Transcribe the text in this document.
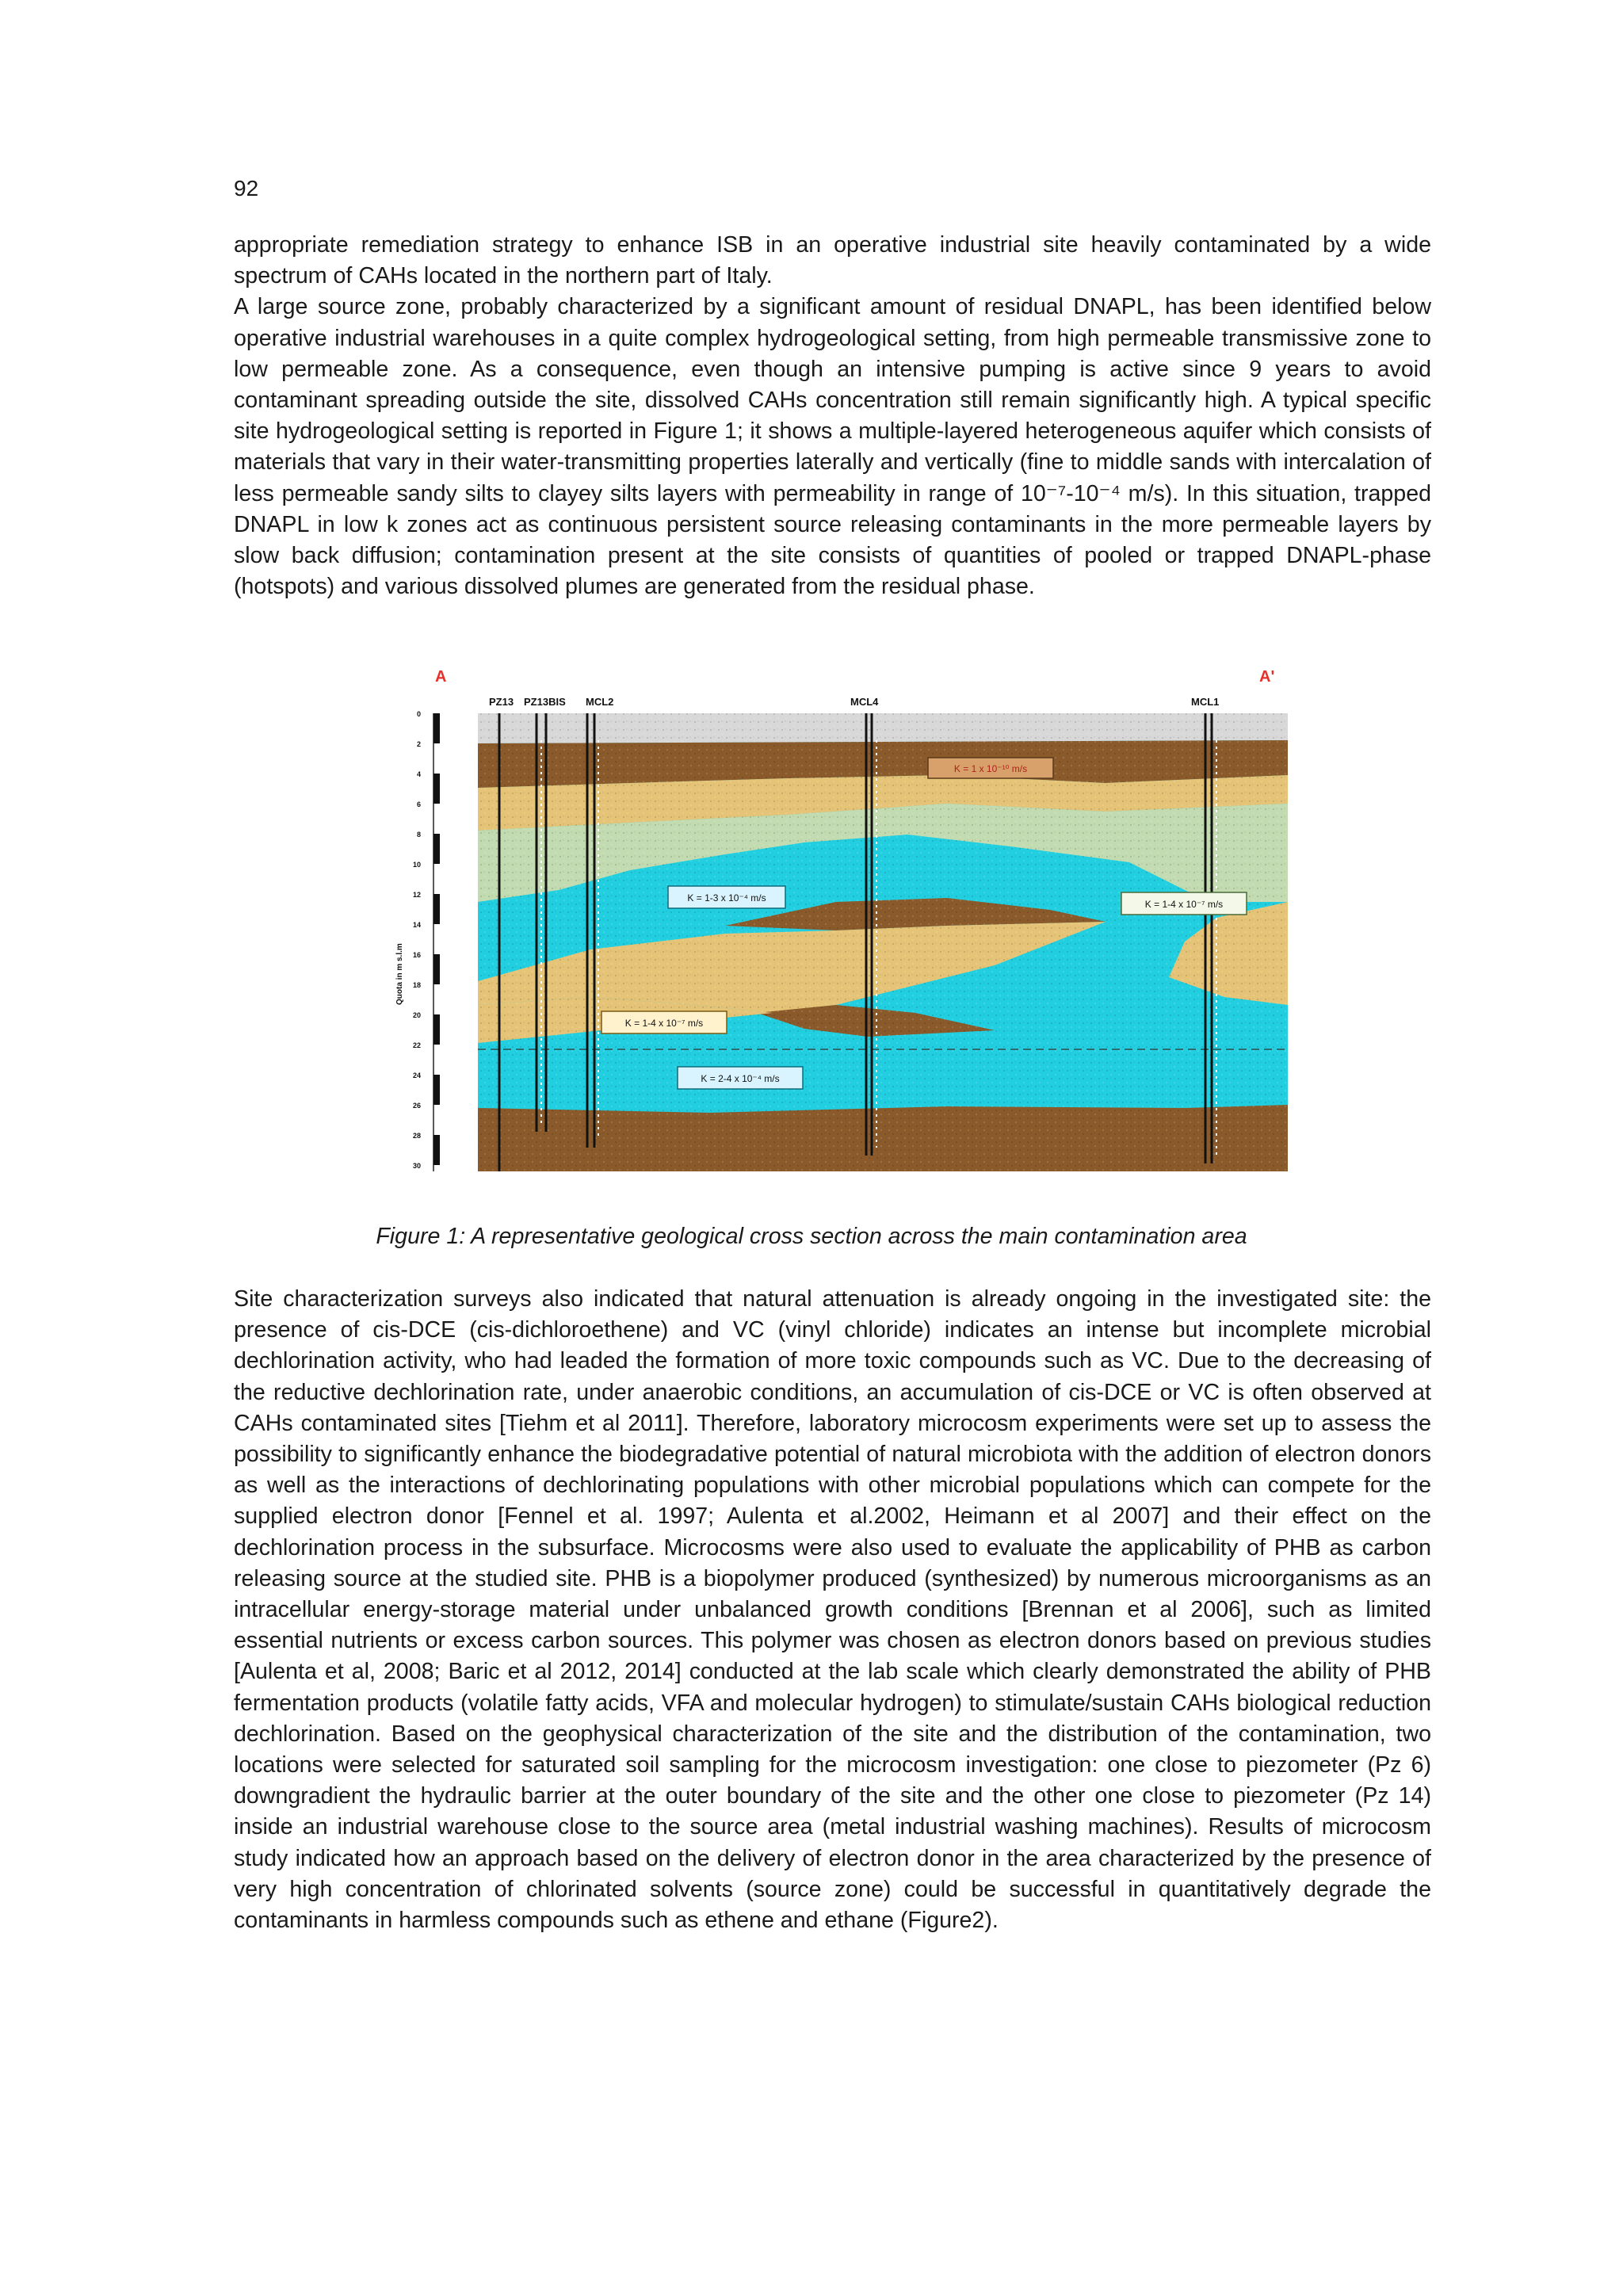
92

appropriate remediation strategy to enhance ISB in an operative industrial site heavily contaminated by a wide spectrum of CAHs located in the northern part of Italy.

A large source zone, probably characterized by a significant amount of residual DNAPL, has been identified below operative industrial warehouses in a quite complex hydrogeological setting, from high permeable transmissive zone to low permeable zone. As a consequence, even though an intensive pumping is active since 9 years to avoid contaminant spreading outside the site, dissolved CAHs concentration still remain significantly high. A typical specific site hydrogeological setting is reported in Figure 1; it shows a multiple-layered heterogeneous aquifer which consists of materials that vary in their water-transmitting properties laterally and vertically (fine to middle sands with intercalation of less permeable sandy silts to clayey silts layers with permeability in range of 10⁻⁷-10⁻⁴ m/s). In this situation, trapped DNAPL in low k zones act as continuous persistent source releasing contaminants in the more permeable layers by slow back diffusion; contamination present at the site consists of quantities of pooled or trapped DNAPL-phase (hotspots) and various dissolved plumes are generated from the residual phase.

A	A'
PZ13 PZ13BIS MCL2	MCL4	MCL1
0
2
4
6
8
10
12
14
16
18
20
22
24
26
28
30
Quota in m s.l.m
K = 1 x 10⁻¹⁰ m/s
K = 1-3 x 10⁻⁴ m/s
K = 1-4 x 10⁻⁷ m/s
K = 1-4 x 10⁻⁷ m/s
K = 2-4 x 10⁻⁴ m/s
Figure 1: A representative geological cross section across the main contamination area

Site characterization surveys also indicated that natural attenuation is already ongoing in the investigated site: the presence of cis-DCE (cis-dichloroethene) and VC (vinyl chloride) indicates an intense but incomplete microbial dechlorination activity, who had leaded the formation of more toxic compounds such as VC. Due to the decreasing of the reductive dechlorination rate, under anaerobic conditions, an accumulation of cis-DCE or VC is often observed at CAHs contaminated sites [Tiehm et al 2011]. Therefore, laboratory microcosm experiments were set up to assess the possibility to significantly enhance the biodegradative potential of natural microbiota with the addition of electron donors as well as the interactions of dechlorinating populations with other microbial populations which can compete for the supplied electron donor [Fennel et al. 1997; Aulenta et al.2002, Heimann et al 2007] and their effect on the dechlorination process in the subsurface. Microcosms were also used to evaluate the applicability of PHB as carbon releasing source at the studied site. PHB is a biopolymer produced (synthesized) by numerous microorganisms as an intracellular energy-storage material under unbalanced growth conditions [Brennan et al 2006], such as limited essential nutrients or excess carbon sources. This polymer was chosen as electron donors based on previous studies [Aulenta et al, 2008; Baric et al 2012, 2014] conducted at the lab scale which clearly demonstrated the ability of PHB fermentation products (volatile fatty acids, VFA and molecular hydrogen) to stimulate/sustain CAHs biological reduction dechlorination. Based on the geophysical characterization of the site and the distribution of the contamination, two locations were selected for saturated soil sampling for the microcosm investigation: one close to piezometer (Pz 6) downgradient the hydraulic barrier at the outer boundary of the site and the other one close to piezometer (Pz 14) inside an industrial warehouse close to the source area (metal industrial washing machines). Results of microcosm study indicated how an approach based on the delivery of electron donor in the area characterized by the presence of very high concentration of chlorinated solvents (source zone) could be successful in quantitatively degrade the contaminants in harmless compounds such as ethene and ethane (Figure2).
